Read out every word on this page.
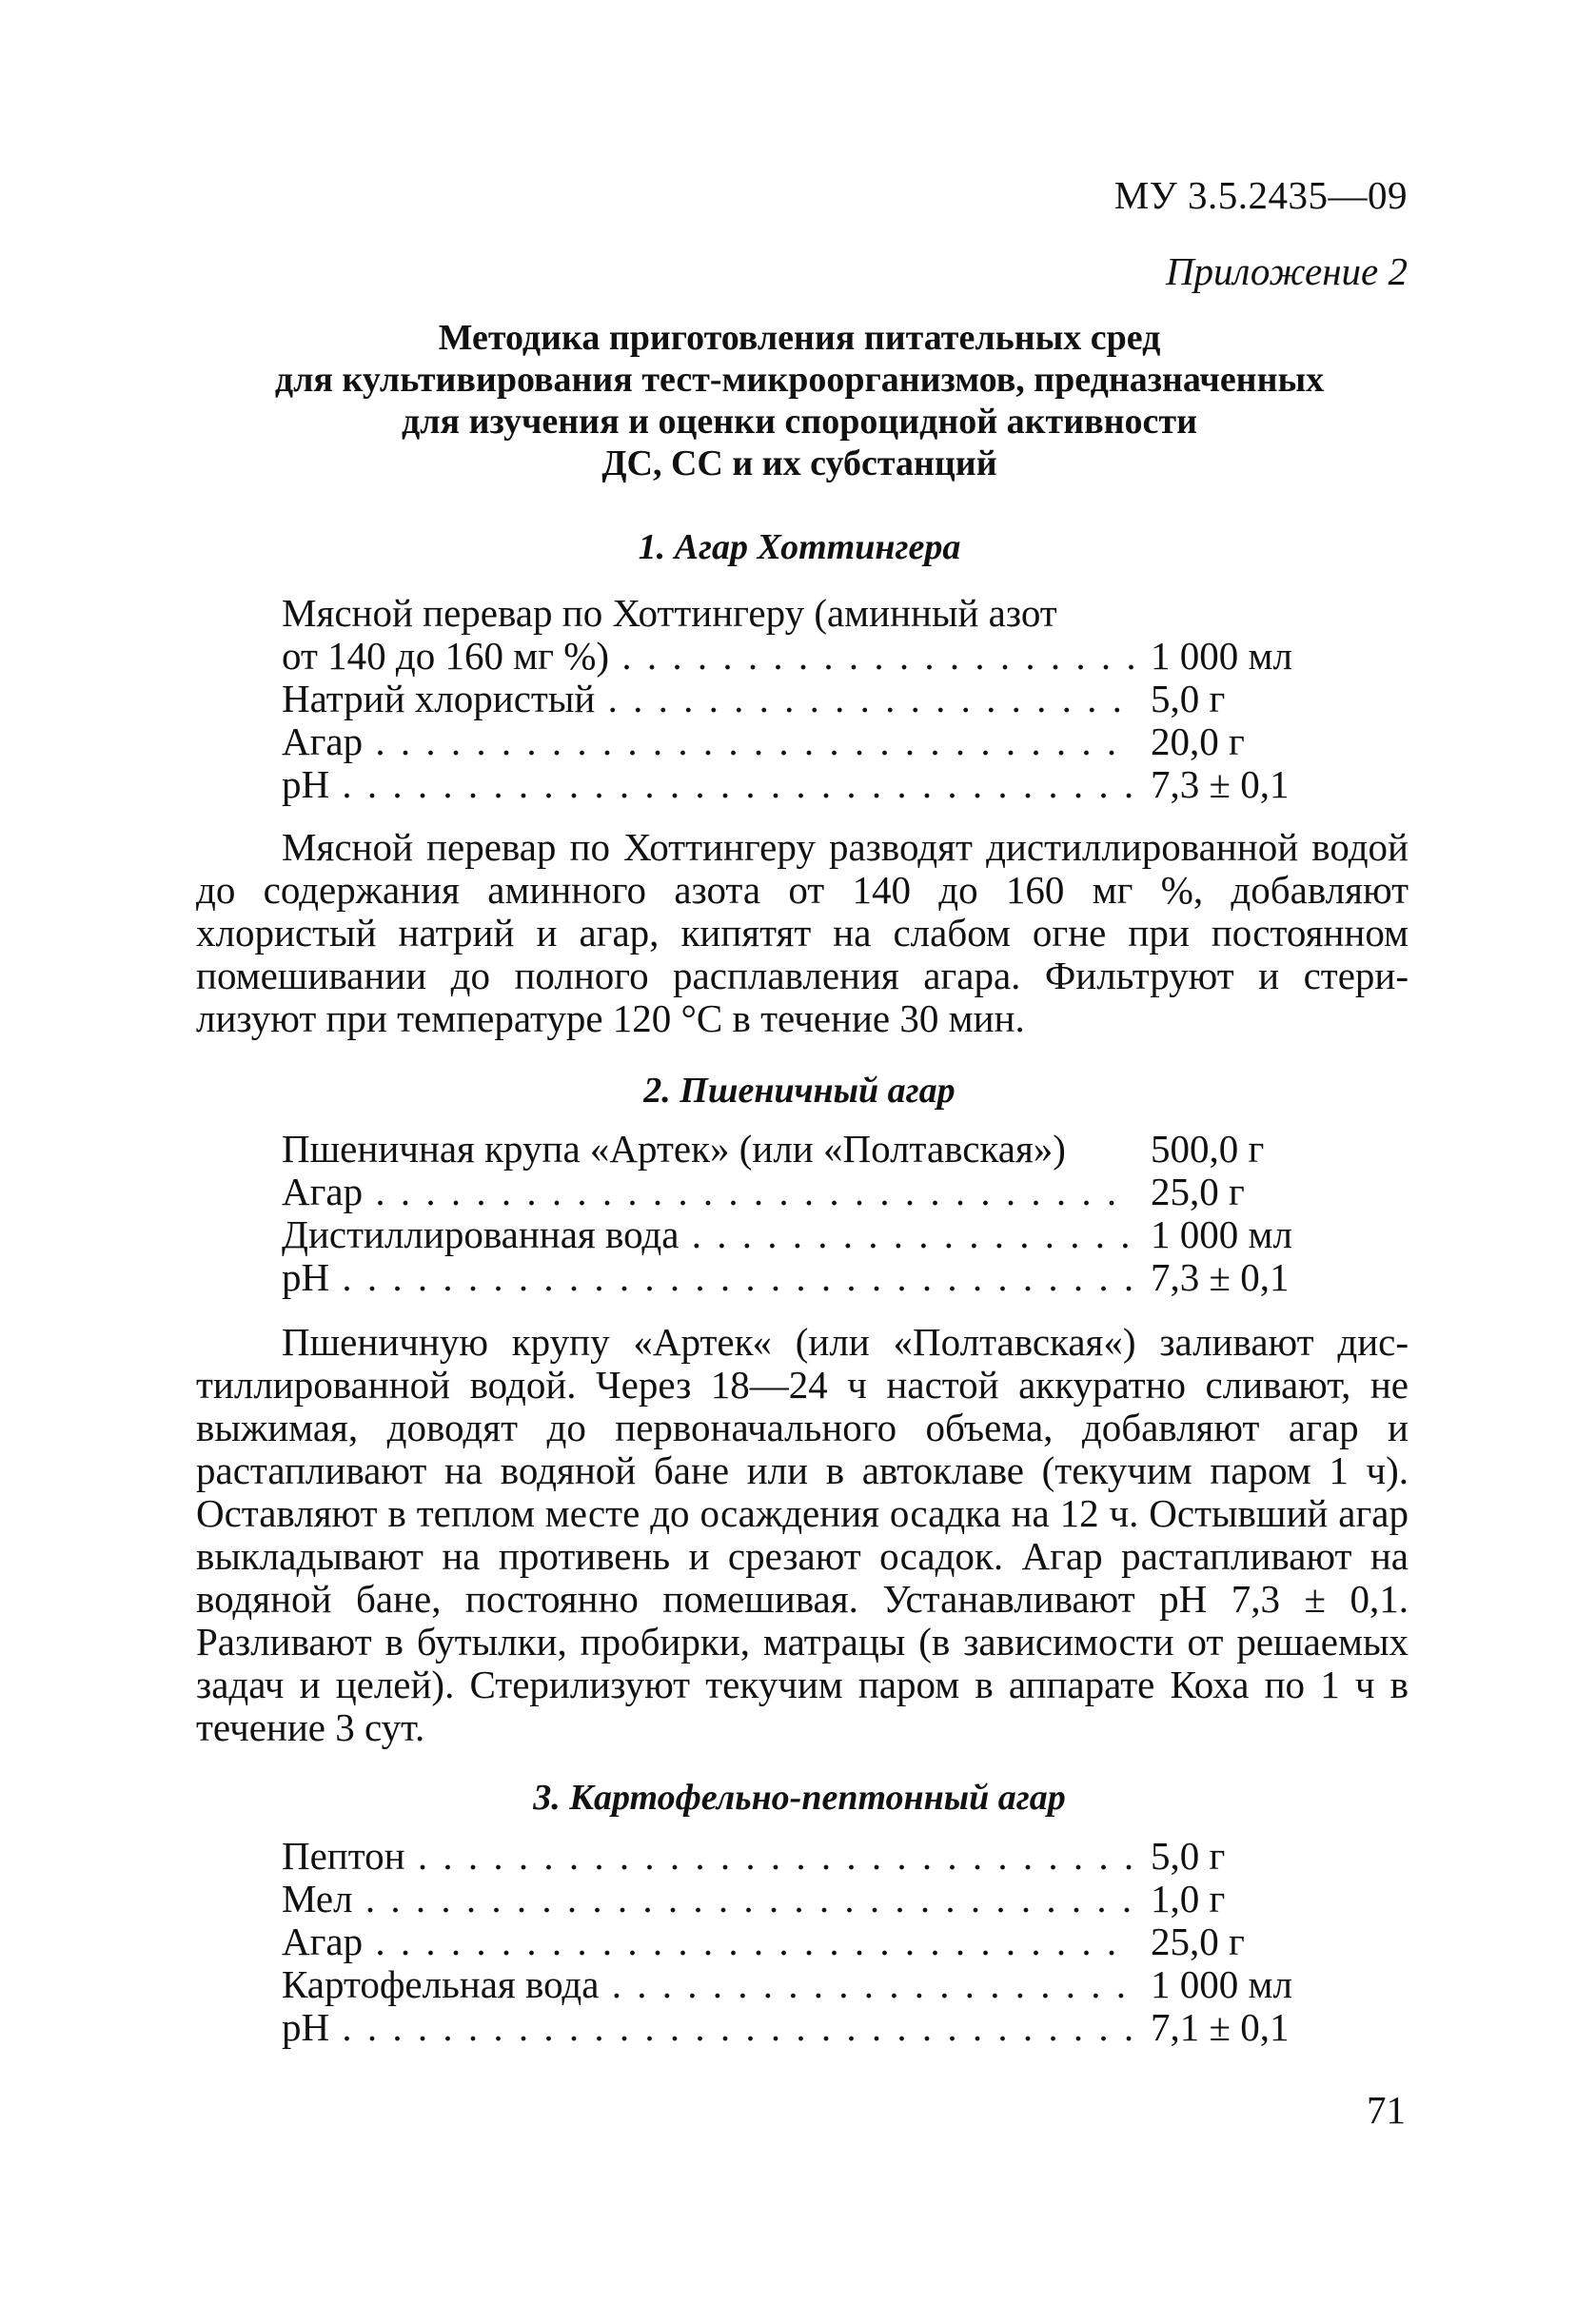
МУ 3.5.2435—09
Приложение 2
Методика приготовления питательных сред
для культивирования тест-микроорганизмов, предназначенных
для изучения и оценки спороцидной активности
ДС, СС и их субстанций
1. Агар Хоттингера
Мясной перевар по Хоттингеру (аминный азот
от 140 до 160 мг %) . . .	1 000 мл
Натрий хлористый . . .	5,0 г
Агар . . .	20,0 г
pH . . .	7,3 ± 0,1

Мясной перевар по Хоттингеру разводят дистиллированной водой до содержания аминного азота от 140 до 160 мг %, добавляют хлористый натрий и агар, кипятят на слабом огне при постоянном помешивании до полного расплавления агара. Фильтруют и стерилизуют при температуре 120 °С в течение 30 мин.

2. Пшеничный агар
Пшеничная крупа «Артек» (или «Полтавская»)	500,0 г
Агар . . .	25,0 г
Дистиллированная вода . . .	1 000 мл
pH . . .	7,3 ± 0,1

Пшеничную крупу «Артек« (или «Полтавская«) заливают дистиллированной водой. Через 18—24 ч настой аккуратно сливают, не выжимая, доводят до первоначального объема, добавляют агар и растапливают на водяной бане или в автоклаве (текучим паром 1 ч). Оставляют в теплом месте до осаждения осадка на 12 ч. Остывший агар выкладывают на противень и срезают осадок. Агар растапливают на водяной бане, постоянно помешивая. Устанавливают pH 7,3 ± 0,1. Разливают в бутылки, пробирки, матрацы (в зависимости от решаемых задач и целей). Стерилизуют текучим паром в аппарате Коха по 1 ч в течение 3 сут.

3. Картофельно-пептонный агар
Пептон . . .	5,0 г
Мел . . .	1,0 г
Агар . . .	25,0 г
Картофельная вода . . .	1 000 мл
pH . . .	7,1 ± 0,1
71
